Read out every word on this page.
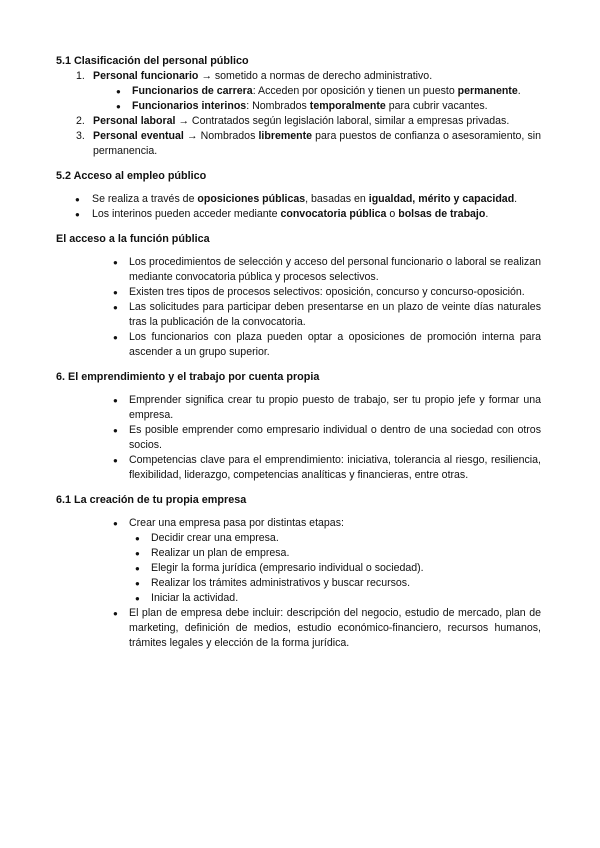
5.1 Clasificación del personal público
1. Personal funcionario → sometido a normas de derecho administrativo.
● Funcionarios de carrera: Acceden por oposición y tienen un puesto permanente.
● Funcionarios interinos: Nombrados temporalmente para cubrir vacantes.
2. Personal laboral → Contratados según legislación laboral, similar a empresas privadas.
3. Personal eventual → Nombrados libremente para puestos de confianza o asesoramiento, sin permanencia.
5.2 Acceso al empleo público
● Se realiza a través de oposiciones públicas, basadas en igualdad, mérito y capacidad.
● Los interinos pueden acceder mediante convocatoria pública o bolsas de trabajo.
El acceso a la función pública
● Los procedimientos de selección y acceso del personal funcionario o laboral se realizan mediante convocatoria pública y procesos selectivos.
● Existen tres tipos de procesos selectivos: oposición, concurso y concurso-oposición.
● Las solicitudes para participar deben presentarse en un plazo de veinte días naturales tras la publicación de la convocatoria.
● Los funcionarios con plaza pueden optar a oposiciones de promoción interna para ascender a un grupo superior.
6. El emprendimiento y el trabajo por cuenta propia
● Emprender significa crear tu propio puesto de trabajo, ser tu propio jefe y formar una empresa.
● Es posible emprender como empresario individual o dentro de una sociedad con otros socios.
● Competencias clave para el emprendimiento: iniciativa, tolerancia al riesgo, resiliencia, flexibilidad, liderazgo, competencias analíticas y financieras, entre otras.
6.1 La creación de tu propia empresa
● Crear una empresa pasa por distintas etapas:
● Decidir crear una empresa.
● Realizar un plan de empresa.
● Elegir la forma jurídica (empresario individual o sociedad).
● Realizar los trámites administrativos y buscar recursos.
● Iniciar la actividad.
● El plan de empresa debe incluir: descripción del negocio, estudio de mercado, plan de marketing, definición de medios, estudio económico-financiero, recursos humanos, trámites legales y elección de la forma jurídica.
